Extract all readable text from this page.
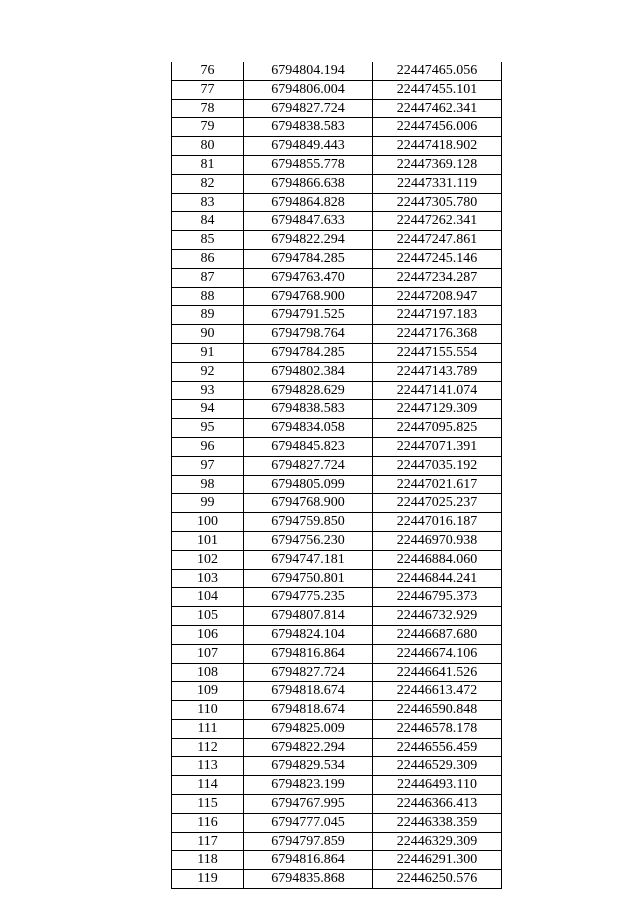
76	6794804.194	22447465.056
77	6794806.004	22447455.101
78	6794827.724	22447462.341
79	6794838.583	22447456.006
80	6794849.443	22447418.902
81	6794855.778	22447369.128
82	6794866.638	22447331.119
83	6794864.828	22447305.780
84	6794847.633	22447262.341
85	6794822.294	22447247.861
86	6794784.285	22447245.146
87	6794763.470	22447234.287
88	6794768.900	22447208.947
89	6794791.525	22447197.183
90	6794798.764	22447176.368
91	6794784.285	22447155.554
92	6794802.384	22447143.789
93	6794828.629	22447141.074
94	6794838.583	22447129.309
95	6794834.058	22447095.825
96	6794845.823	22447071.391
97	6794827.724	22447035.192
98	6794805.099	22447021.617
99	6794768.900	22447025.237
100	6794759.850	22447016.187
101	6794756.230	22446970.938
102	6794747.181	22446884.060
103	6794750.801	22446844.241
104	6794775.235	22446795.373
105	6794807.814	22446732.929
106	6794824.104	22446687.680
107	6794816.864	22446674.106
108	6794827.724	22446641.526
109	6794818.674	22446613.472
110	6794818.674	22446590.848
111	6794825.009	22446578.178
112	6794822.294	22446556.459
113	6794829.534	22446529.309
114	6794823.199	22446493.110
115	6794767.995	22446366.413
116	6794777.045	22446338.359
117	6794797.859	22446329.309
118	6794816.864	22446291.300
119	6794835.868	22446250.576
